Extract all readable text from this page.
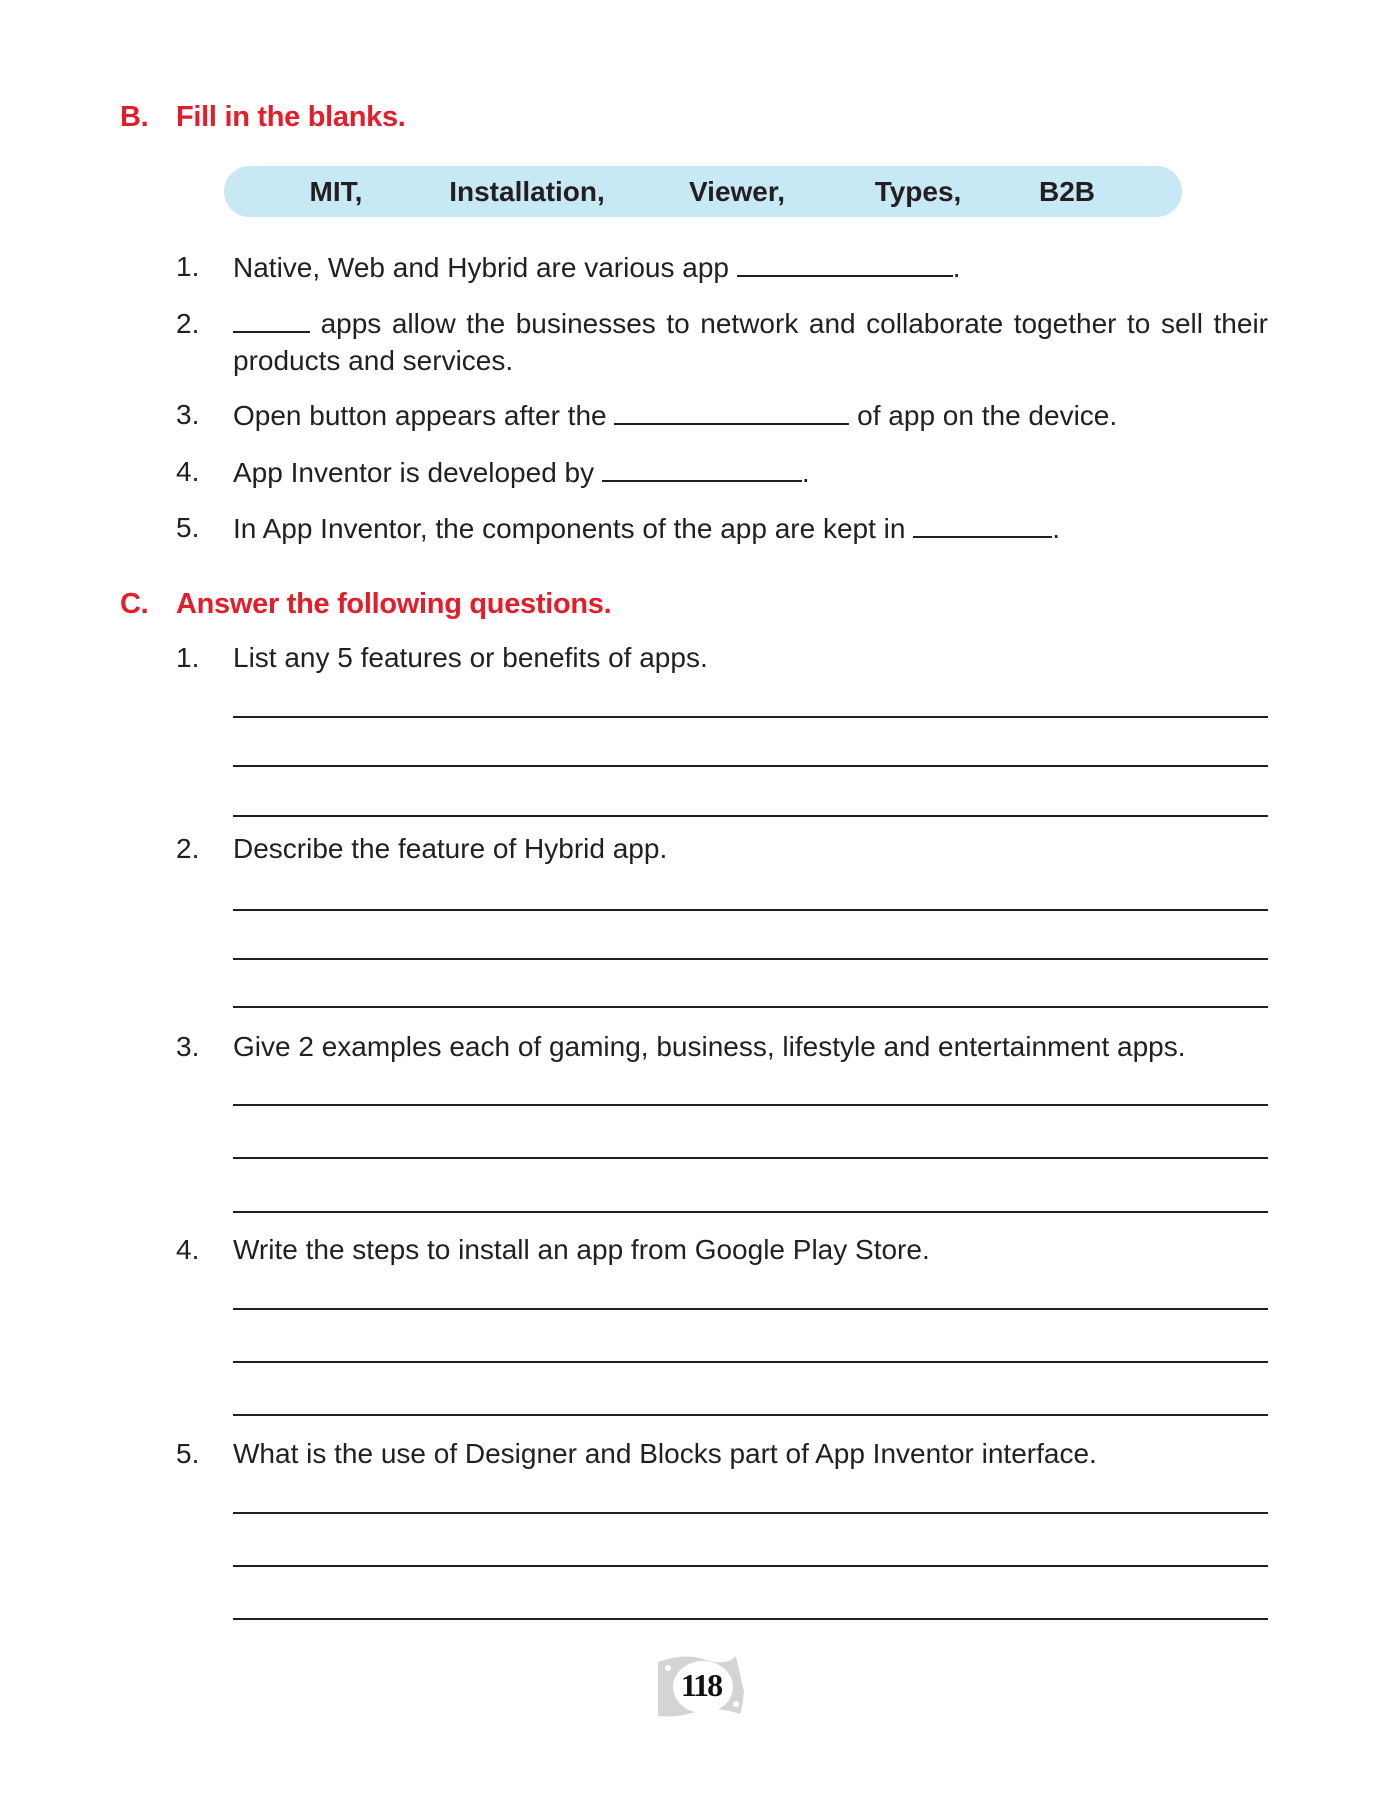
B. Fill in the blanks.
MIT,	Installation,	Viewer,	Types,	B2B
1.	Native, Web and Hybrid are various app	.
2.	apps allow the businesses to network and collaborate together to sell their products and services.
3.	Open button appears after the	of app on the device.
4.	App Inventor is developed by	.
5.	In App Inventor, the components of the app are kept in	.
C. Answer the following questions.
1.	List any 5 features or benefits of apps.
2.	Describe the feature of Hybrid app.
3.	Give 2 examples each of gaming, business, lifestyle and entertainment apps.
4.	Write the steps to install an app from Google Play Store.
5.	What is the use of Designer and Blocks part of App Inventor interface.
118
